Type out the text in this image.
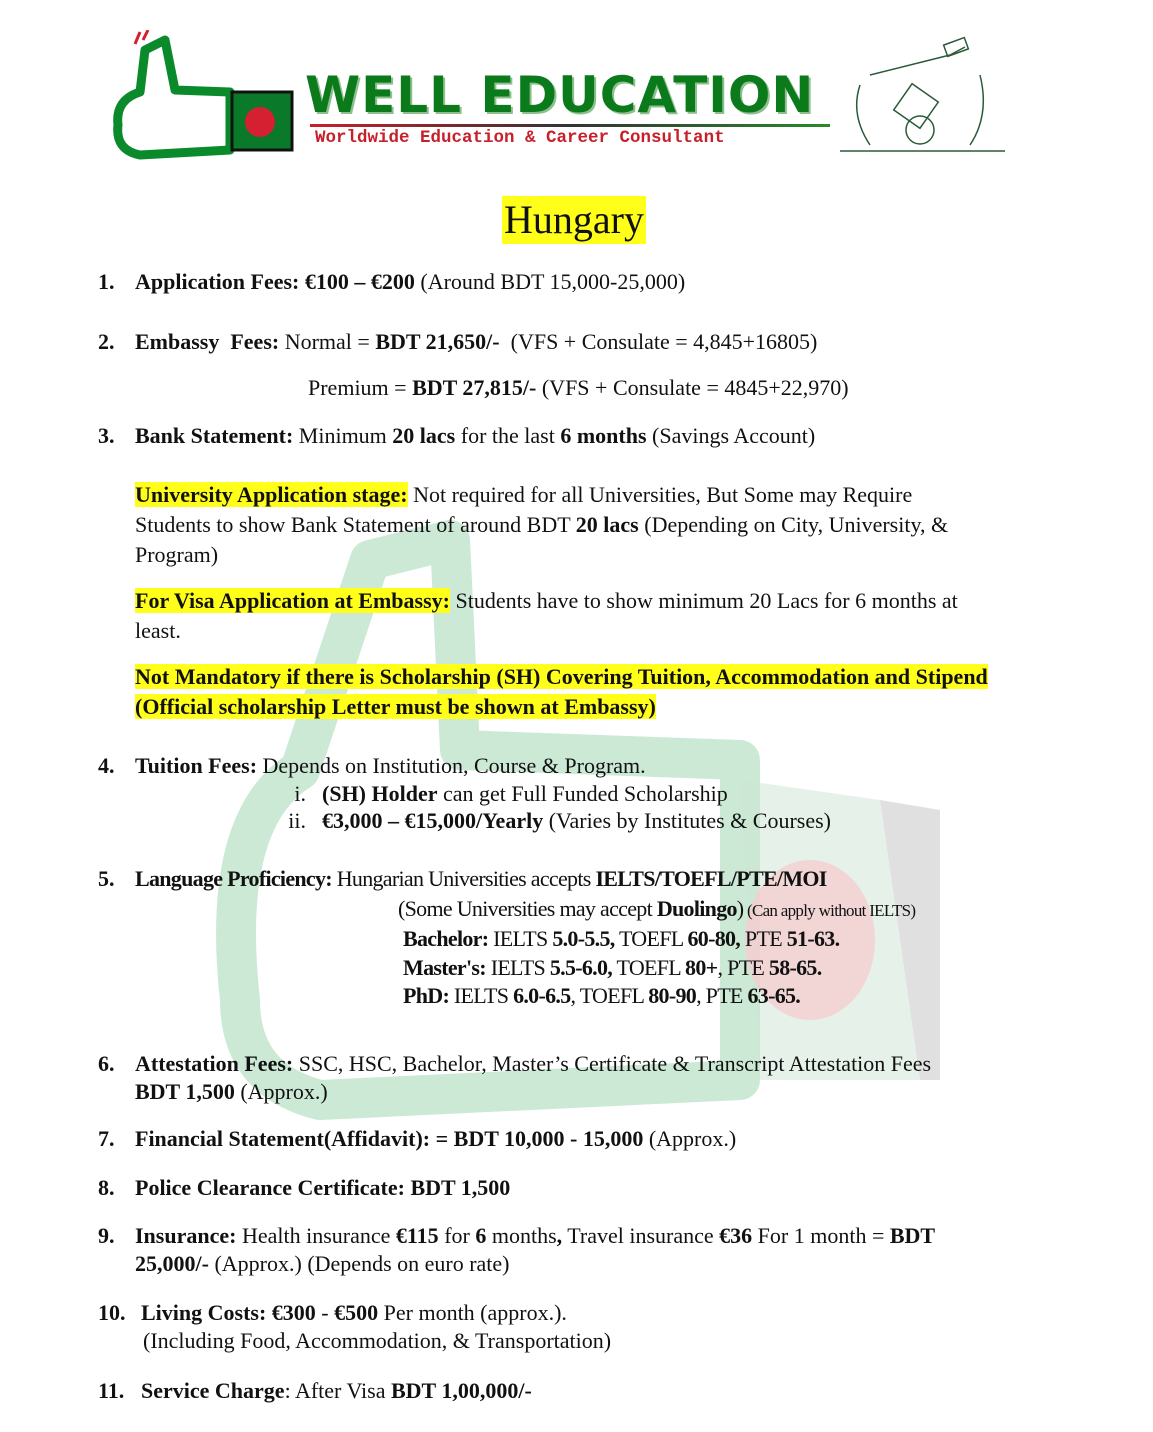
WELL EDUCATION
Worldwide Education & Career Consultant
Hungary
1.
2.
3.
4.
5.
6.
7.
8.
9.
10.
11.
Application Fees: €100 – €200 (Around BDT 15,000-25,000)
Embassy  Fees: Normal = BDT 21,650/-  (VFS + Consulate = 4,845+16805)
Premium = BDT 27,815/- (VFS + Consulate = 4845+22,970)
Bank Statement: Minimum 20 lacs for the last 6 months (Savings Account)
University Application stage: Not required for all Universities, But Some may Require
Students to show Bank Statement of around BDT 20 lacs (Depending on City, University, &
Program)
For Visa Application at Embassy: Students have to show minimum 20 Lacs for 6 months at
least.
Not Mandatory if there is Scholarship (SH) Covering Tuition, Accommodation and Stipend
(Official scholarship Letter must be shown at Embassy)
Tuition Fees: Depends on Institution, Course & Program.
i. (SH) Holder can get Full Funded Scholarship
ii. €3,000 – €15,000/Yearly (Varies by Institutes & Courses)
Language Proficiency: Hungarian Universities accepts IELTS/TOEFL/PTE/MOI
(Some Universities may accept Duolingo) (Can apply without IELTS)
Bachelor: IELTS 5.0-5.5, TOEFL 60-80, PTE 51-63.
Master's: IELTS 5.5-6.0, TOEFL 80+, PTE 58-65.
PhD: IELTS 6.0-6.5, TOEFL 80-90, PTE 63-65.
Attestation Fees: SSC, HSC, Bachelor, Master’s Certificate & Transcript Attestation Fees
BDT 1,500 (Approx.)
Financial Statement(Affidavit): = BDT 10,000 - 15,000 (Approx.)
Police Clearance Certificate: BDT 1,500
Insurance: Health insurance €115 for 6 months, Travel insurance €36 For 1 month = BDT
25,000/- (Approx.) (Depends on euro rate)
Living Costs: €300 - €500 Per month (approx.).
(Including Food, Accommodation, & Transportation)
Service Charge: After Visa BDT 1,00,000/-
